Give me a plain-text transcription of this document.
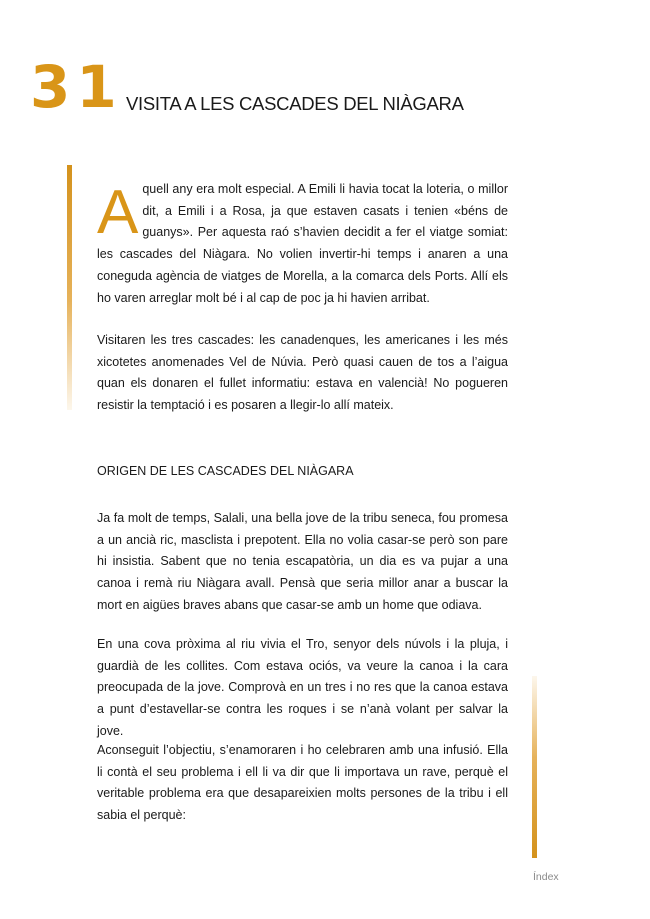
31 VISITA A LES CASCADES DEL NIÀGARA

Aquell any era molt especial. A Emili li havia tocat la loteria, o millor dit, a Emili i a Rosa, ja que estaven casats i tenien «béns de guanys». Per aquesta raó s’havien decidit a fer el viatge somiat: les cascades del Niàgara. No volien invertir-hi temps i anaren a una coneguda agència de viatges de Morella, a la comarca dels Ports. Allí els ho varen arreglar molt bé i al cap de poc ja hi havien arribat.

Visitaren les tres cascades: les canadenques, les americanes i les més xicotetes anomenades Vel de Núvia. Però quasi cauen de tos a l’aigua quan els donaren el fullet informatiu: estava en valencià! No pogueren resistir la temptació i es posaren a llegir-lo allí mateix.

ORIGEN DE LES CASCADES DEL NIÀGARA

Ja fa molt de temps, Salali, una bella jove de la tribu seneca, fou promesa a un ancià ric, masclista i prepotent. Ella no volia casar-se però son pare hi insistia. Sabent que no tenia escapatòria, un dia es va pujar a una canoa i remà riu Niàgara avall. Pensà que seria millor anar a buscar la mort en aigües braves abans que casar-se amb un home que odiava.

En una cova pròxima al riu vivia el Tro, senyor dels núvols i la pluja, i guardià de les collites. Com estava ociós, va veure la canoa i la cara preocupada de la jove. Comprovà en un tres i no res que la canoa estava a punt d’estavellar-se contra les roques i se n’anà volant per salvar la jove.

Aconseguit l’objectiu, s’enamoraren i ho celebraren amb una infusió. Ella li contà el seu problema i ell li va dir que li importava un rave, perquè el veritable problema era que desapareixien molts persones de la tribu i ell sabia el perquè:

Índex
